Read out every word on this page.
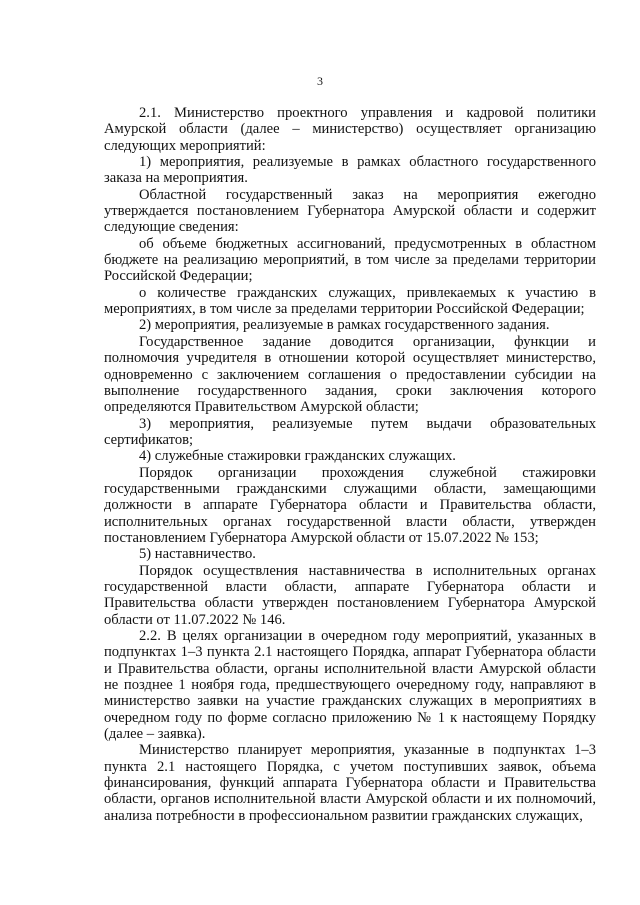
3

2.1. Министерство проектного управления и кадровой политики Амурской области (далее – министерство) осуществляет организацию следующих мероприятий:

1) мероприятия, реализуемые в рамках областного государственного заказа на мероприятия.

Областной государственный заказ на мероприятия ежегодно утверждается постановлением Губернатора Амурской области и содержит следующие сведения:

об объеме бюджетных ассигнований, предусмотренных в областном бюджете на реализацию мероприятий, в том числе за пределами территории Российской Федерации;

о количестве гражданских служащих, привлекаемых к участию в мероприятиях, в том числе за пределами территории Российской Федерации;

2) мероприятия, реализуемые в рамках государственного задания.

Государственное задание доводится организации, функции и полномочия учредителя в отношении которой осуществляет министерство, одновременно с заключением соглашения о предоставлении субсидии на выполнение государственного задания, сроки заключения которого определяются Правительством Амурской области;

3) мероприятия, реализуемые путем выдачи образовательных сертификатов;

4) служебные стажировки гражданских служащих.

Порядок организации прохождения служебной стажировки государственными гражданскими служащими области, замещающими должности в аппарате Губернатора области и Правительства области, исполнительных органах государственной власти области, утвержден постановлением Губернатора Амурской области от 15.07.2022 № 153;

5) наставничество.

Порядок осуществления наставничества в исполнительных органах государственной власти области, аппарате Губернатора области и Правительства области утвержден постановлением Губернатора Амурской области от 11.07.2022 № 146.

2.2. В целях организации в очередном году мероприятий, указанных в подпунктах 1–3 пункта 2.1 настоящего Порядка, аппарат Губернатора области и Правительства области, органы исполнительной власти Амурской области не позднее 1 ноября года, предшествующего очередному году, направляют в министерство заявки на участие гражданских служащих в мероприятиях в очередном году по форме согласно приложению № 1 к настоящему Порядку (далее – заявка).

Министерство планирует мероприятия, указанные в подпунктах 1–3 пункта 2.1 настоящего Порядка, с учетом поступивших заявок, объема финансирования, функций аппарата Губернатора области и Правительства области, органов исполнительной власти Амурской области и их полномочий, анализа потребности в профессиональном развитии гражданских служащих,
